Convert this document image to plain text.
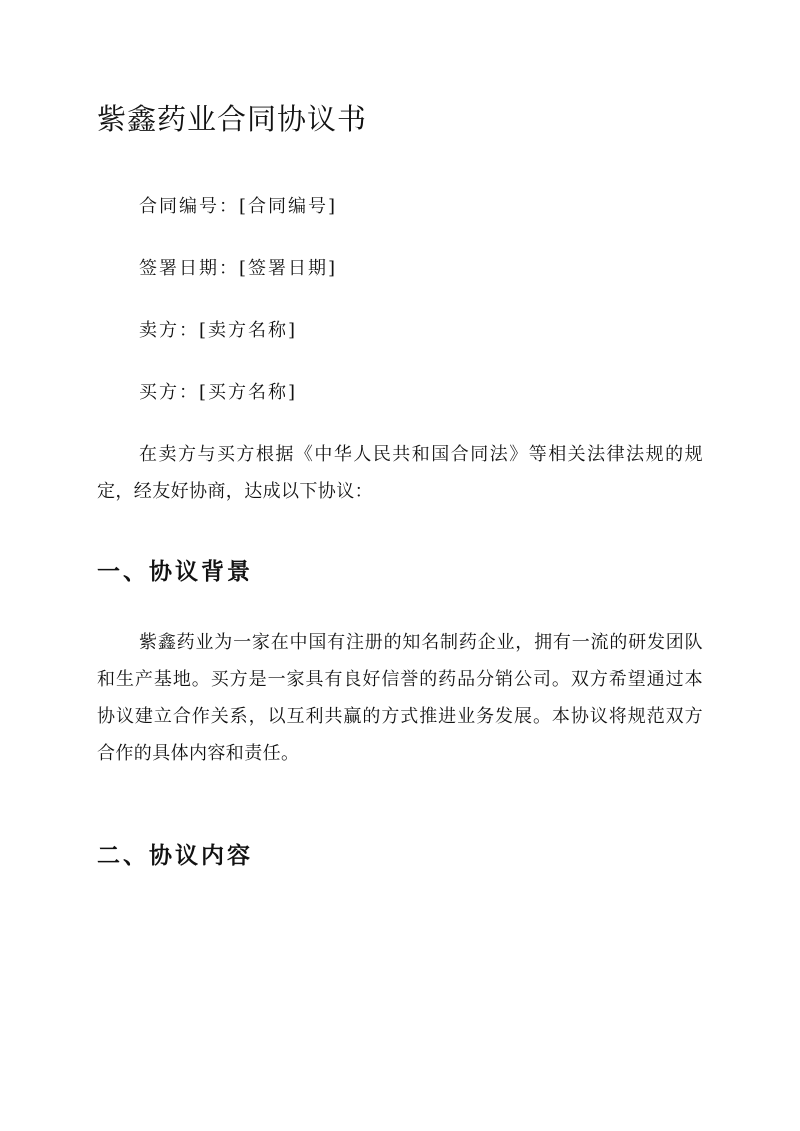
紫鑫药业合同协议书

合同编号：[合同编号]

签署日期：[签署日期]

卖方：[卖方名称]

买方：[买方名称]

在卖方与买方根据《中华人民共和国合同法》等相关法律法规的规定，经友好协商，达成以下协议：

一、协议背景

紫鑫药业为一家在中国有注册的知名制药企业，拥有一流的研发团队和生产基地。买方是一家具有良好信誉的药品分销公司。双方希望通过本协议建立合作关系，以互利共赢的方式推进业务发展。本协议将规范双方合作的具体内容和责任。

二、协议内容
